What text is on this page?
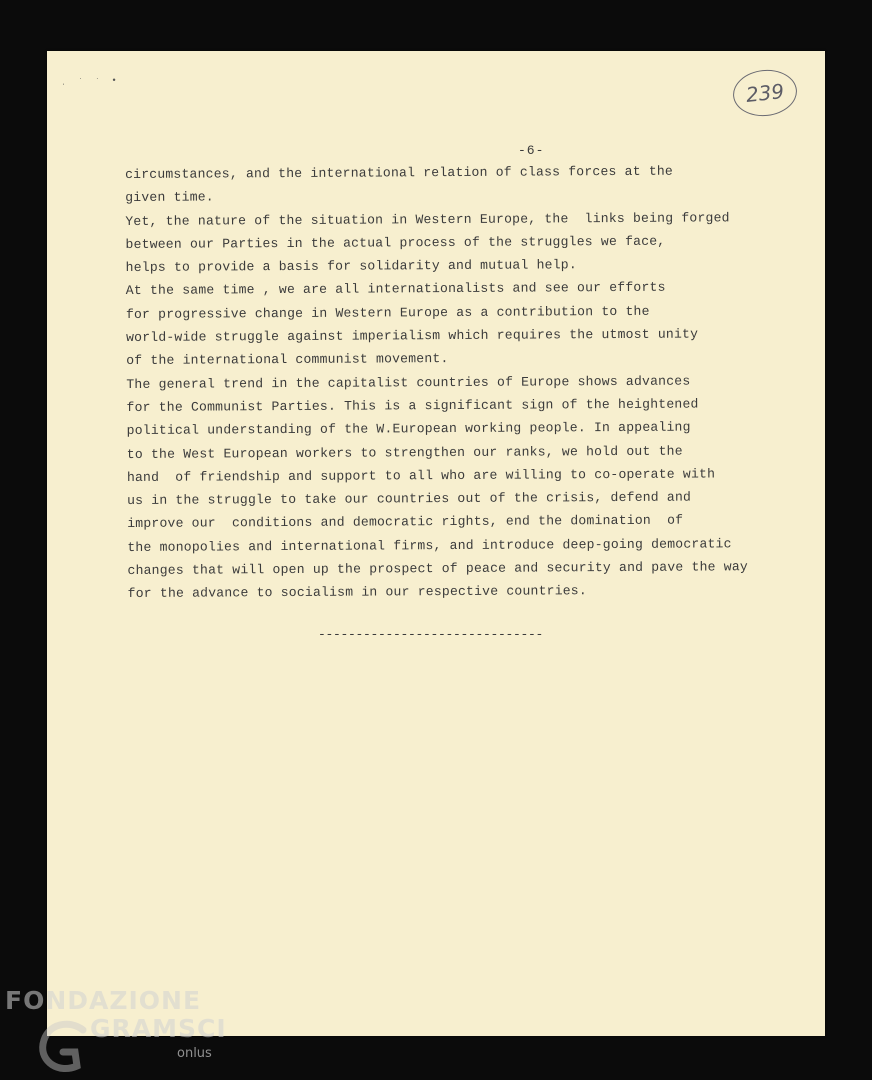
ˌ ˑ ˑ •	239
-6-
circumstances, and the international relation of class forces at the
given time.
Yet, the nature of the situation in Western Europe, the  links being forged
between our Parties in the actual process of the struggles we face,
helps to provide a basis for solidarity and mutual help.
At the same time , we are all internationalists and see our efforts
for progressive change in Western Europe as a contribution to the
world-wide struggle against imperialism which requires the utmost unity
of the international communist movement.
The general trend in the capitalist countries of Europe shows advances
for the Communist Parties. This is a significant sign of the heightened
political understanding of the W.European working people. In appealing
to the West European workers to strengthen our ranks, we hold out the
hand  of friendship and support to all who are willing to co-operate with
us in the struggle to take our countries out of the crisis, defend and
improve our  conditions and democratic rights, end the domination  of
the monopolies and international firms, and introduce deep-going democratic
changes that will open up the prospect of peace and security and pave the way
for the advance to socialism in our respective countries.
------------------------------
FONDAZIONE
GRAMSCI
onlus
